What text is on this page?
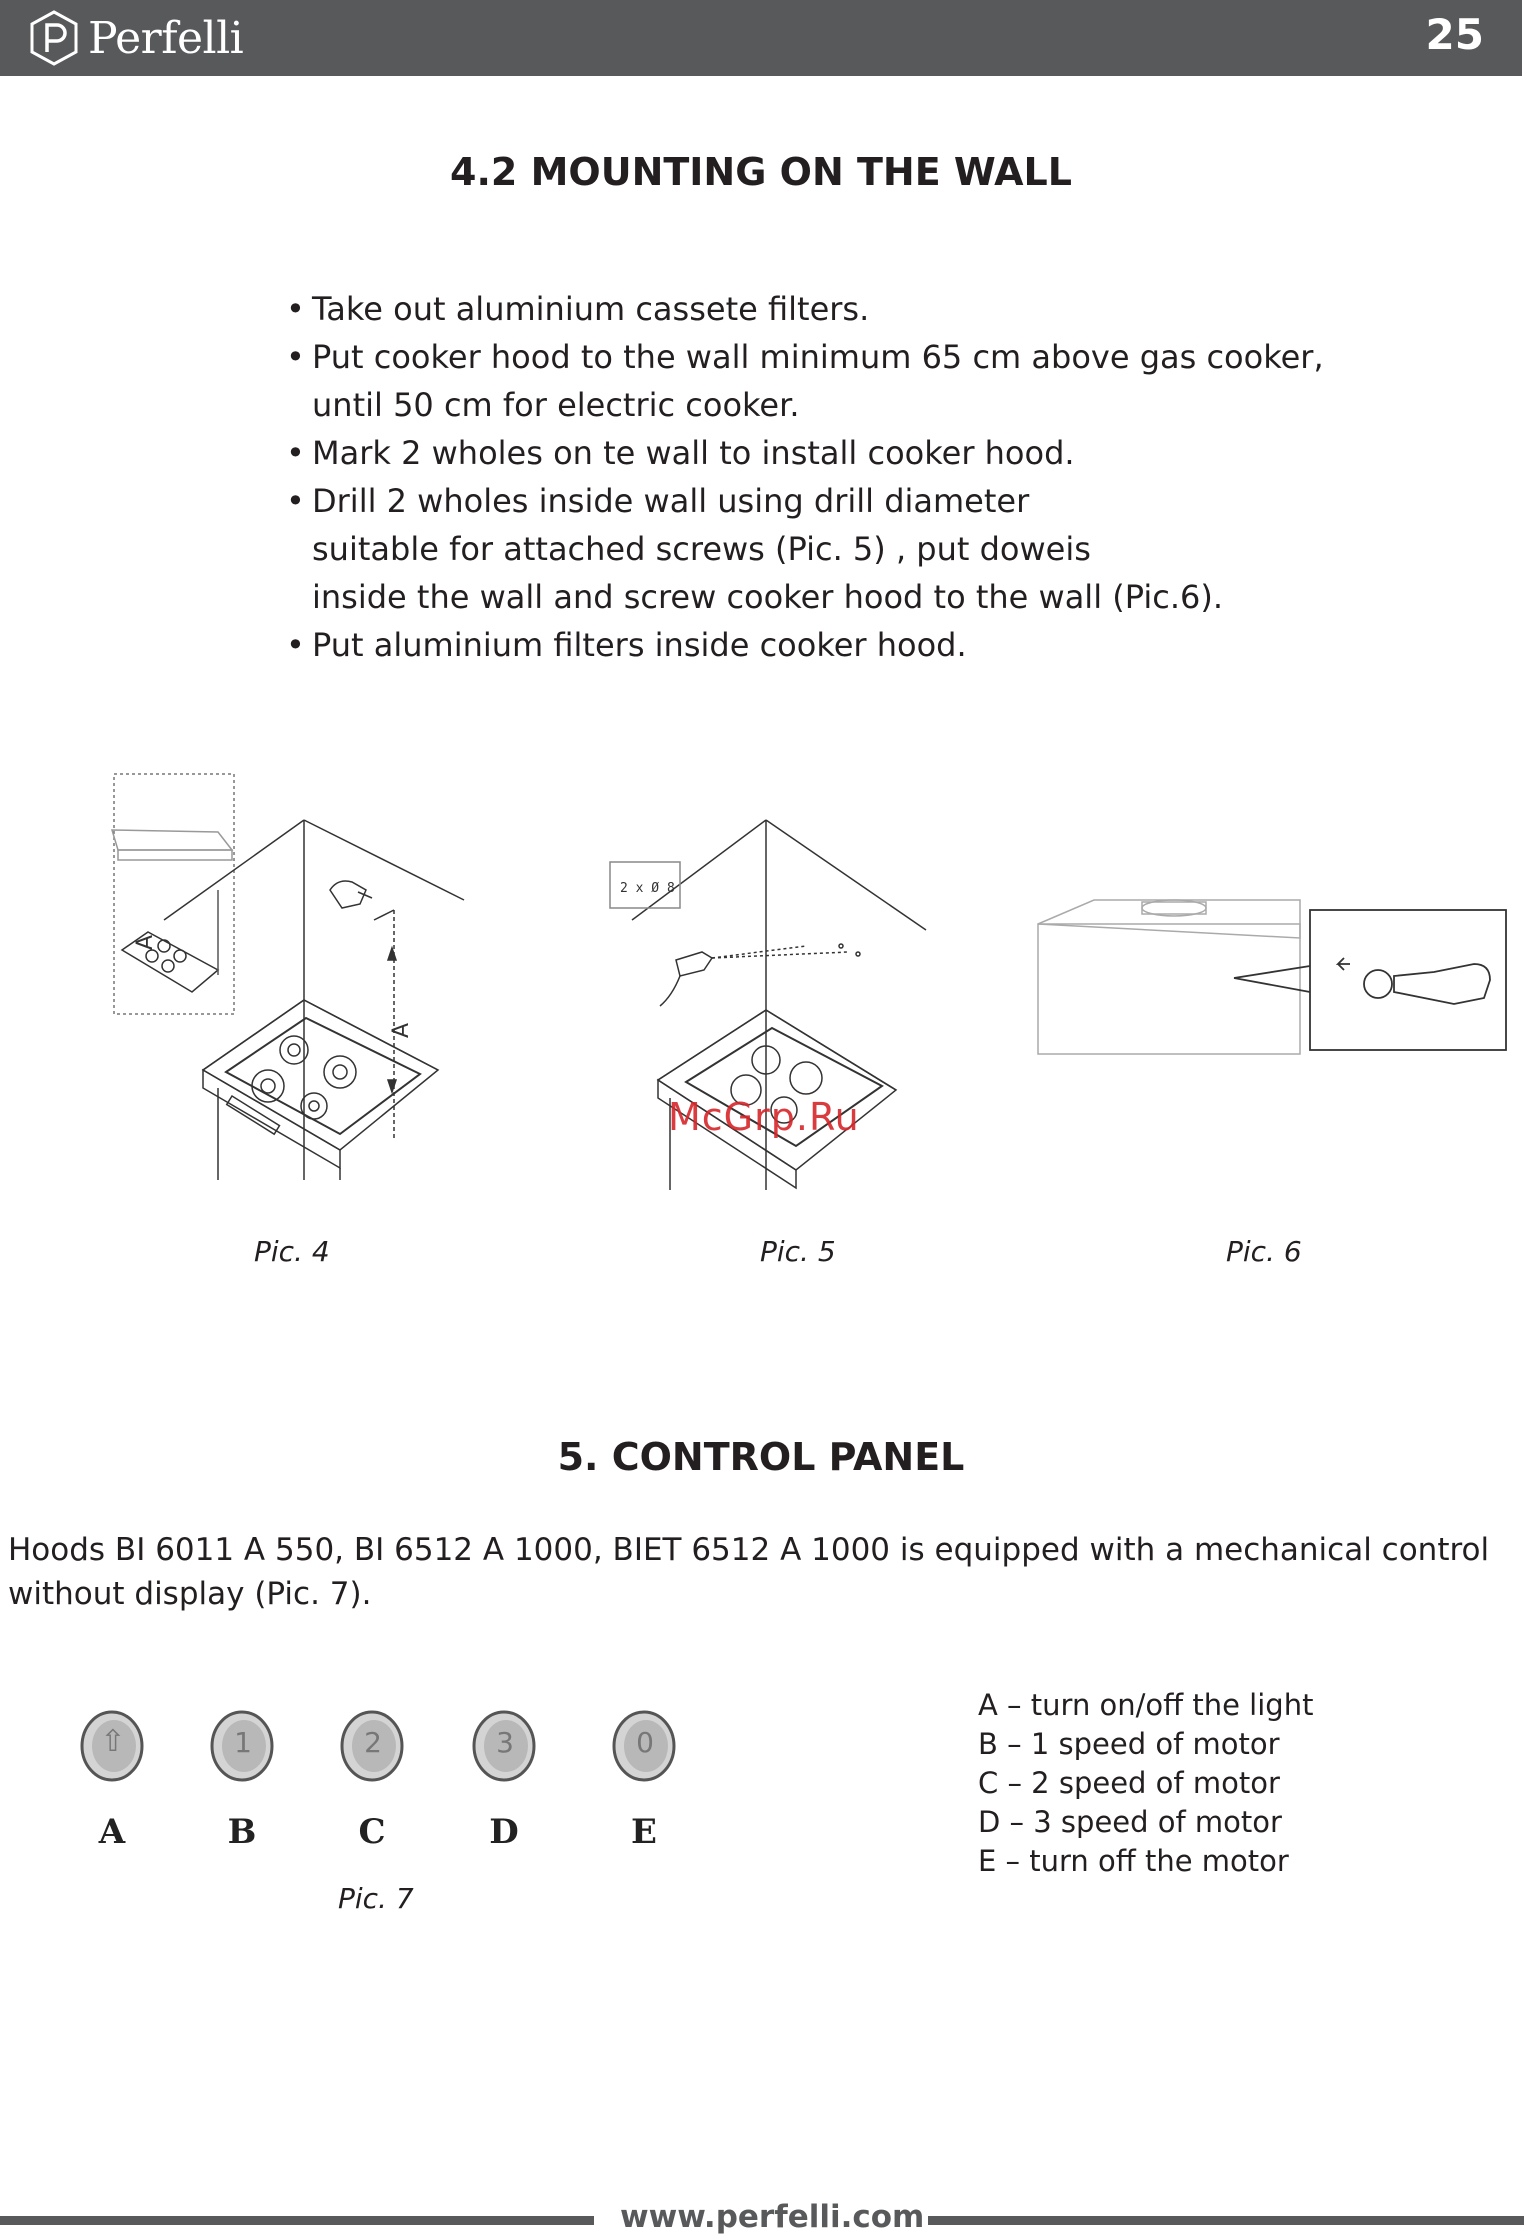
Perfelli	25
4.2 MOUNTING ON THE WALL
• Take out aluminium cassete filters.
• Put cooker hood to the wall minimum 65 cm above gas cooker,
until 50 cm for electric cooker.
• Mark 2 wholes on te wall to install cooker hood.
• Drill 2 wholes inside wall using drill diameter
suitable for attached screws (Pic. 5) , put doweis
inside the wall and screw cooker hood to the wall (Pic.6).
• Put aluminium filters inside cooker hood.
A
A
Pic. 4
2 x Ø 8
McGrp.Ru
Pic. 5	Pic. 6
5. CONTROL PANEL
Hoods BI 6011 A 550, BI 6512 A 1000, BIET 6512 A 1000 is equipped with a mechanical control without display (Pic. 7).
⇧
A
1
B
2
C
3
D
0
E
Pic. 7
A – turn on/off the light
B – 1 speed of motor
C – 2 speed of motor
D – 3 speed of motor
E – turn off the motor
www.perfelli.com
